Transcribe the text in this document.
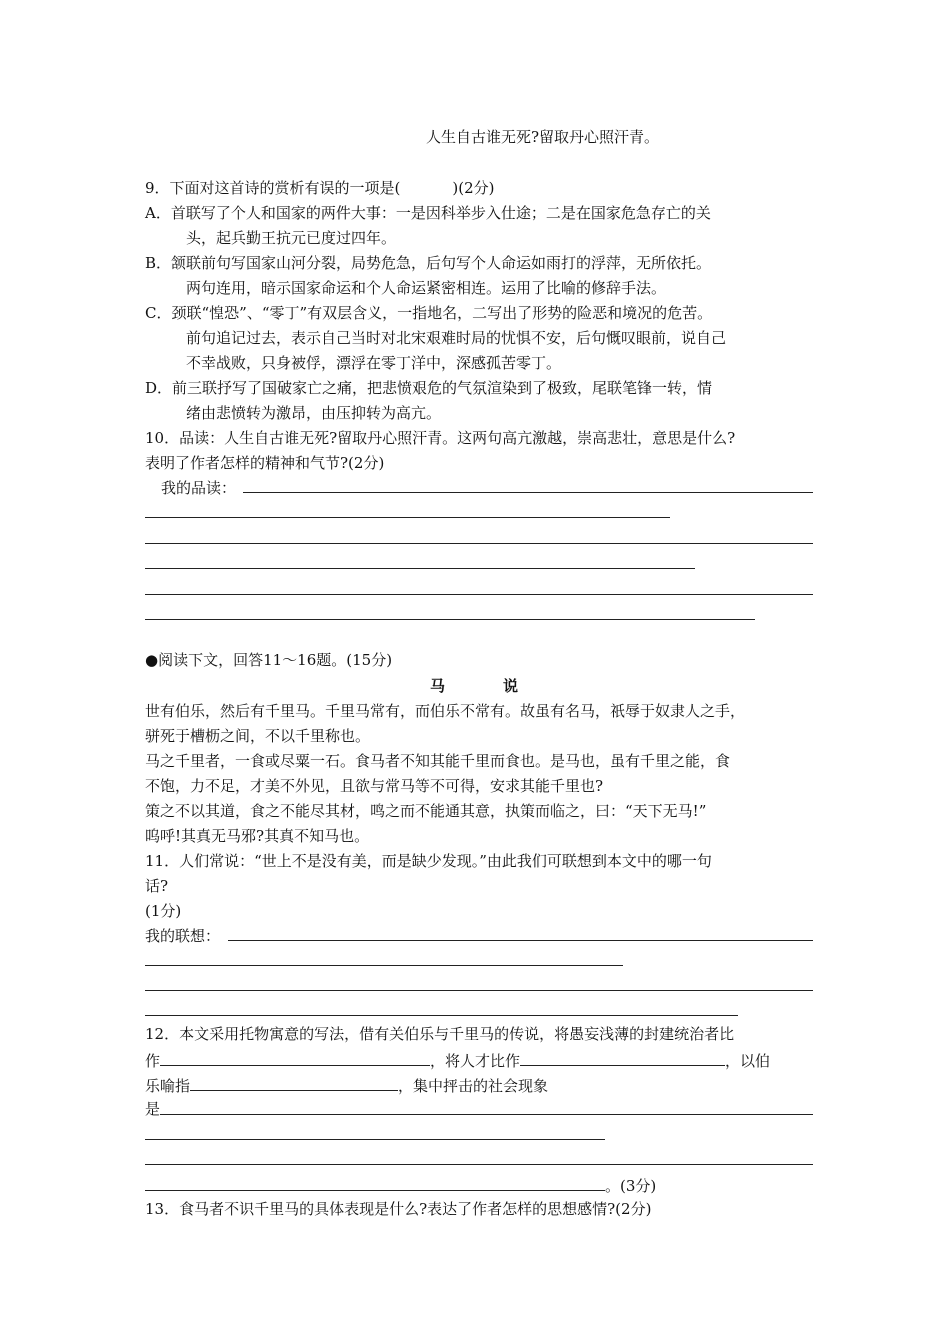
人生自古谁无死?留取丹心照汗青。
9．下面对这首诗的赏析有误的一项是(	)(2分)
A．首联写了个人和国家的两件大事：一是因科举步入仕途；二是在国家危急存亡的关
头，起兵勤王抗元已度过四年。
B．颔联前句写国家山河分裂，局势危急，后句写个人命运如雨打的浮萍，无所依托。
两句连用，暗示国家命运和个人命运紧密相连。运用了比喻的修辞手法。
C．颈联“惶恐”、“零丁”有双层含义，一指地名，二写出了形势的险恶和境况的危苦。
前句追记过去，表示自己当时对北宋艰难时局的忧惧不安，后句慨叹眼前，说自己
不幸战败，只身被俘，漂浮在零丁洋中，深感孤苦零丁。
D．前三联抒写了国破家亡之痛，把悲愤艰危的气氛渲染到了极致，尾联笔锋一转，情
绪由悲愤转为激昂，由压抑转为高亢。
10．品读：人生自古谁无死?留取丹心照汗青。这两句高亢激越，崇高悲壮，意思是什么?
表明了作者怎样的精神和气节?(2分)
我的品读：
●阅读下文，回答11～16题。(15分)
马	说
世有伯乐，然后有千里马。千里马常有，而伯乐不常有。故虽有名马，祇辱于奴隶人之手，
骈死于槽枥之间，不以千里称也。
马之千里者，一食或尽粟一石。食马者不知其能千里而食也。是马也，虽有千里之能，食
不饱，力不足，才美不外见，且欲与常马等不可得，安求其能千里也?
策之不以其道，食之不能尽其材，鸣之而不能通其意，执策而临之，曰：“天下无马!”
呜呼!其真无马邪?其真不知马也。
11．人们常说：“世上不是没有美，而是缺少发现。”由此我们可联想到本文中的哪一句
话?
(1分)
我的联想：
12．本文采用托物寓意的写法，借有关伯乐与千里马的传说，将愚妄浅薄的封建统治者比
作	，将人才比作	，以伯
乐喻指	，集中抨击的社会现象
是
。(3分)
13．食马者不识千里马的具体表现是什么?表达了作者怎样的思想感情?(2分)
